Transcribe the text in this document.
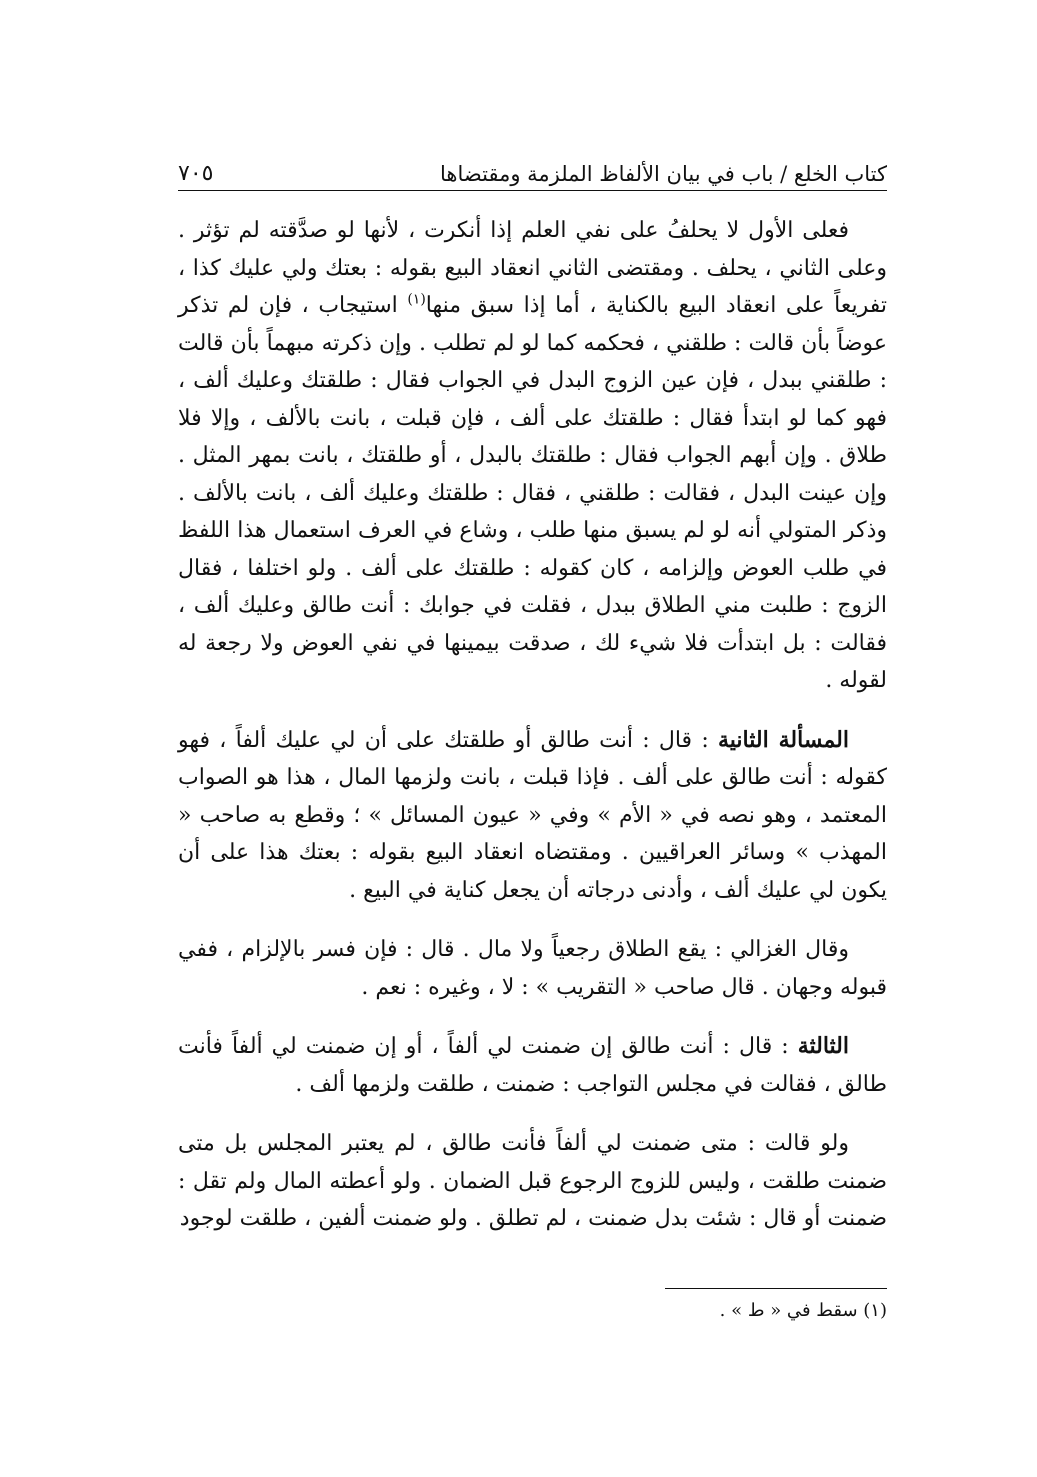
كتاب الخلع / باب في بيان الألفاظ الملزمة ومقتضاها
٧٠٥

فعلى الأول لا يحلفُ على نفي العلم إذا أنكرت ، لأنها لو صدَّقته لم تؤثر . وعلى الثاني ، يحلف . ومقتضى الثاني انعقاد البيع بقوله : بعتك ولي عليك كذا ، تفريعاً على انعقاد البيع بالكناية ، أما إذا سبق منها$^{(١)}$ استيجاب ، فإن لم تذكر عوضاً بأن قالت : طلقني ، فحكمه كما لو لم تطلب . وإن ذكرته مبهماً بأن قالت : طلقني ببدل ، فإن عين الزوج البدل في الجواب فقال : طلقتك وعليك ألف ، فهو كما لو ابتدأ فقال : طلقتك على ألف ، فإن قبلت ، بانت بالألف ، وإلا فلا طلاق . وإن أبهم الجواب فقال : طلقتك بالبدل ، أو طلقتك ، بانت بمهر المثل . وإن عينت البدل ، فقالت : طلقني ، فقال : طلقتك وعليك ألف ، بانت بالألف . وذكر المتولي أنه لو لم يسبق منها طلب ، وشاع في العرف استعمال هذا اللفظ في طلب العوض وإلزامه ، كان كقوله : طلقتك على ألف . ولو اختلفا ، فقال الزوج : طلبت مني الطلاق ببدل ، فقلت في جوابك : أنت طالق وعليك ألف ، فقالت : بل ابتدأت فلا شيء لك ، صدقت بيمينها في نفي العوض ولا رجعة له لقوله .

المسألة الثانية : قال : أنت طالق أو طلقتك على أن لي عليك ألفاً ، فهو كقوله : أنت طالق على ألف . فإذا قبلت ، بانت ولزمها المال ، هذا هو الصواب المعتمد ، وهو نصه في « الأم » وفي « عيون المسائل » ؛ وقطع به صاحب « المهذب » وسائر العراقيين . ومقتضاه انعقاد البيع بقوله : بعتك هذا على أن يكون لي عليك ألف ، وأدنى درجاته أن يجعل كناية في البيع .

وقال الغزالي : يقع الطلاق رجعياً ولا مال . قال : فإن فسر بالإلزام ، ففي قبوله وجهان . قال صاحب « التقريب » : لا ، وغيره : نعم .

الثالثة : قال : أنت طالق إن ضمنت لي ألفاً ، أو إن ضمنت لي ألفاً فأنت طالق ، فقالت في مجلس التواجب : ضمنت ، طلقت ولزمها ألف .

ولو قالت : متى ضمنت لي ألفاً فأنت طالق ، لم يعتبر المجلس بل متى ضمنت طلقت ، وليس للزوج الرجوع قبل الضمان . ولو أعطته المال ولم تقل : ضمنت أو قال : شئت بدل ضمنت ، لم تطلق . ولو ضمنت ألفين ، طلقت لوجود

(١) سقط في « ط » .
